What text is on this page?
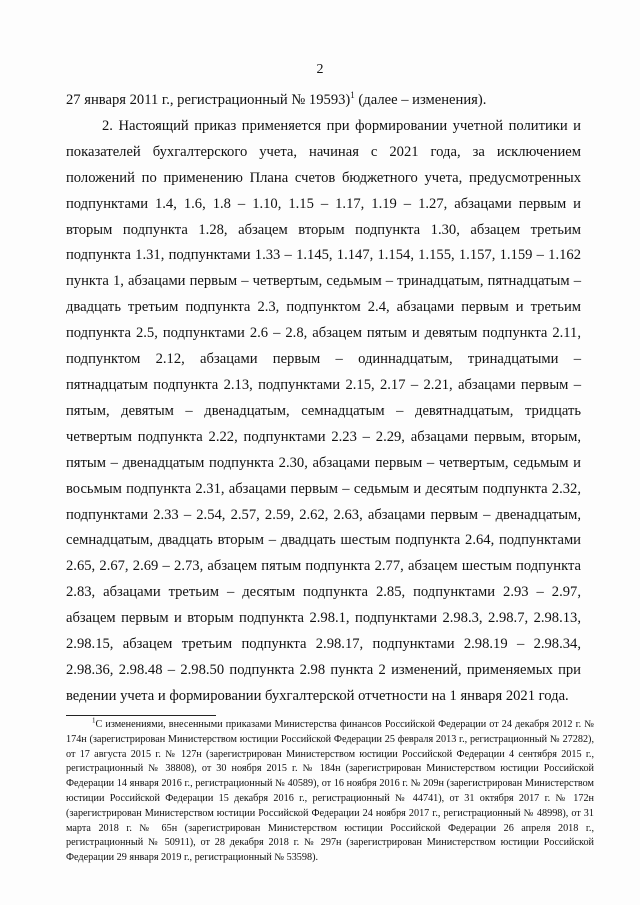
2

27 января 2011 г., регистрационный № 19593)$^1$ (далее – изменения).

2. Настоящий приказ применяется при формировании учетной политики и показателей бухгалтерского учета, начиная с 2021 года, за исключением положений по применению Плана счетов бюджетного учета, предусмотренных подпунктами 1.4, 1.6, 1.8 – 1.10, 1.15 – 1.17, 1.19 – 1.27, абзацами первым и вторым подпункта 1.28, абзацем вторым подпункта 1.30, абзацем третьим подпункта 1.31, подпунктами 1.33 – 1.145, 1.147, 1.154, 1.155, 1.157, 1.159 – 1.162 пункта 1, абзацами первым – четвертым, седьмым – тринадцатым, пятнадцатым – двадцать третьим подпункта 2.3, подпунктом 2.4, абзацами первым и третьим подпункта 2.5, подпунктами 2.6 – 2.8, абзацем пятым и девятым подпункта 2.11, подпунктом 2.12, абзацами первым – одиннадцатым, тринадцатыми – пятнадцатым подпункта 2.13, подпунктами 2.15, 2.17 – 2.21, абзацами первым – пятым, девятым – двенадцатым, семнадцатым – девятнадцатым, тридцать четвертым подпункта 2.22, подпунктами 2.23 – 2.29, абзацами первым, вторым, пятым – двенадцатым подпункта 2.30, абзацами первым – четвертым, седьмым и восьмым подпункта 2.31, абзацами первым – седьмым и десятым подпункта 2.32, подпунктами 2.33 – 2.54, 2.57, 2.59, 2.62, 2.63, абзацами первым – двенадцатым, семнадцатым, двадцать вторым – двадцать шестым подпункта 2.64, подпунктами 2.65, 2.67, 2.69 – 2.73, абзацем пятым подпункта 2.77, абзацем шестым подпункта 2.83, абзацами третьим – десятым подпункта 2.85, подпунктами 2.93 – 2.97, абзацем первым и вторым подпункта 2.98.1, подпунктами 2.98.3, 2.98.7, 2.98.13, 2.98.15, абзацем третьим подпункта 2.98.17, подпунктами 2.98.19 – 2.98.34, 2.98.36, 2.98.48 – 2.98.50 подпункта 2.98 пункта 2 изменений, применяемых при ведении учета и формировании бухгалтерской отчетности на 1 января 2021 года.

$^1$С изменениями, внесенными приказами Министерства финансов Российской Федерации от 24 декабря 2012 г. № 174н (зарегистрирован Министерством юстиции Российской Федерации 25 февраля 2013 г., регистрационный № 27282), от 17 августа 2015 г. № 127н (зарегистрирован Министерством юстиции Российской Федерации 4 сентября 2015 г., регистрационный № 38808), от 30 ноября 2015 г. № 184н (зарегистрирован Министерством юстиции Российской Федерации 14 января 2016 г., регистрационный № 40589), от 16 ноября 2016 г. № 209н (зарегистрирован Министерством юстиции Российской Федерации 15 декабря 2016 г., регистрационный № 44741), от 31 октября 2017 г. № 172н (зарегистрирован Министерством юстиции Российской Федерации 24 ноября 2017 г., регистрационный № 48998), от 31 марта 2018 г. № 65н (зарегистрирован Министерством юстиции Российской Федерации 26 апреля 2018 г., регистрационный № 50911), от 28 декабря 2018 г. № 297н (зарегистрирован Министерством юстиции Российской Федерации 29 января 2019 г., регистрационный № 53598).
